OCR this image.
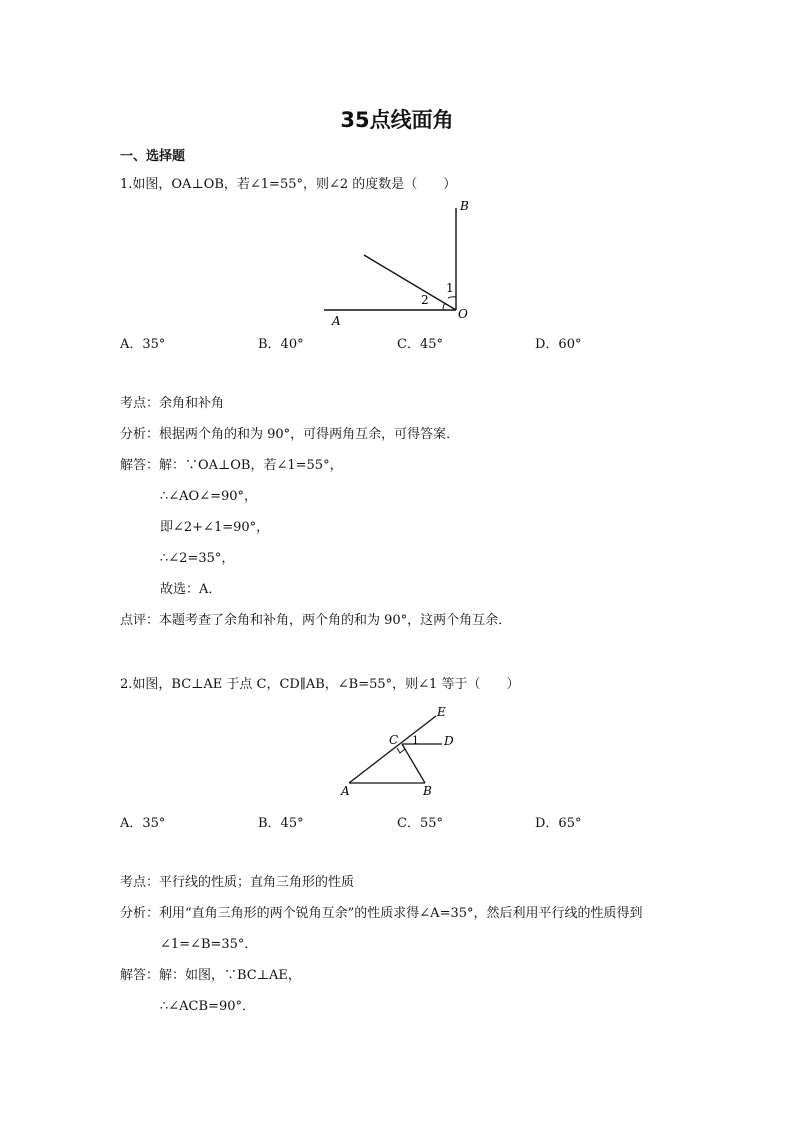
35点线面角
一、选择题
1.如图，OA⊥OB，若∠1=55°，则∠2 的度数是（　　）
B
1
2
A	O
A．35°	B．40°	C．45°	D．60°
考点：余角和补角
分析：根据两个角的和为 90°，可得两角互余，可得答案．
解答：解：∵OA⊥OB，若∠1=55°，
∴∠AO∠=90°，
即∠2+∠1=90°，
∴∠2=35°，
故选：A．
点评：本题考查了余角和补角，两个角的和为 90°，这两个角互余．
2.如图，BC⊥AE 于点 C，CD∥AB，∠B=55°，则∠1 等于（　　）
E
C 1 D
A	B
A．35°	B．45°	C．55°	D．65°
考点：平行线的性质；直角三角形的性质
分析：利用“直角三角形的两个锐角互余”的性质求得∠A=35°，然后利用平行线的性质得到
∠1=∠B=35°．
解答：解：如图，∵BC⊥AE，
∴∠ACB=90°．
